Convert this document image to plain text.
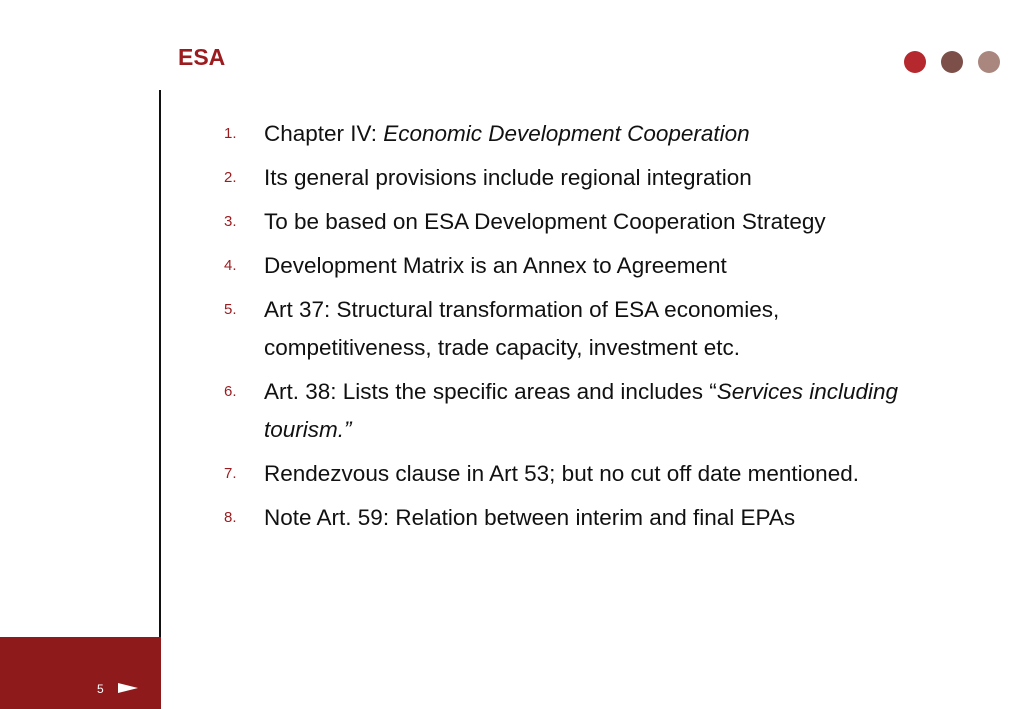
ESA
1. Chapter IV: Economic Development Cooperation
2. Its general provisions include regional integration
3. To be based on ESA Development Cooperation Strategy
4. Development Matrix is an Annex to Agreement
5. Art 37: Structural transformation of ESA economies, competitiveness, trade capacity, investment etc.
6. Art. 38: Lists the specific areas and includes “Services including tourism.”
7. Rendezvous clause in Art 53; but no cut off date mentioned.
8. Note Art. 59: Relation between interim and final EPAs
5
